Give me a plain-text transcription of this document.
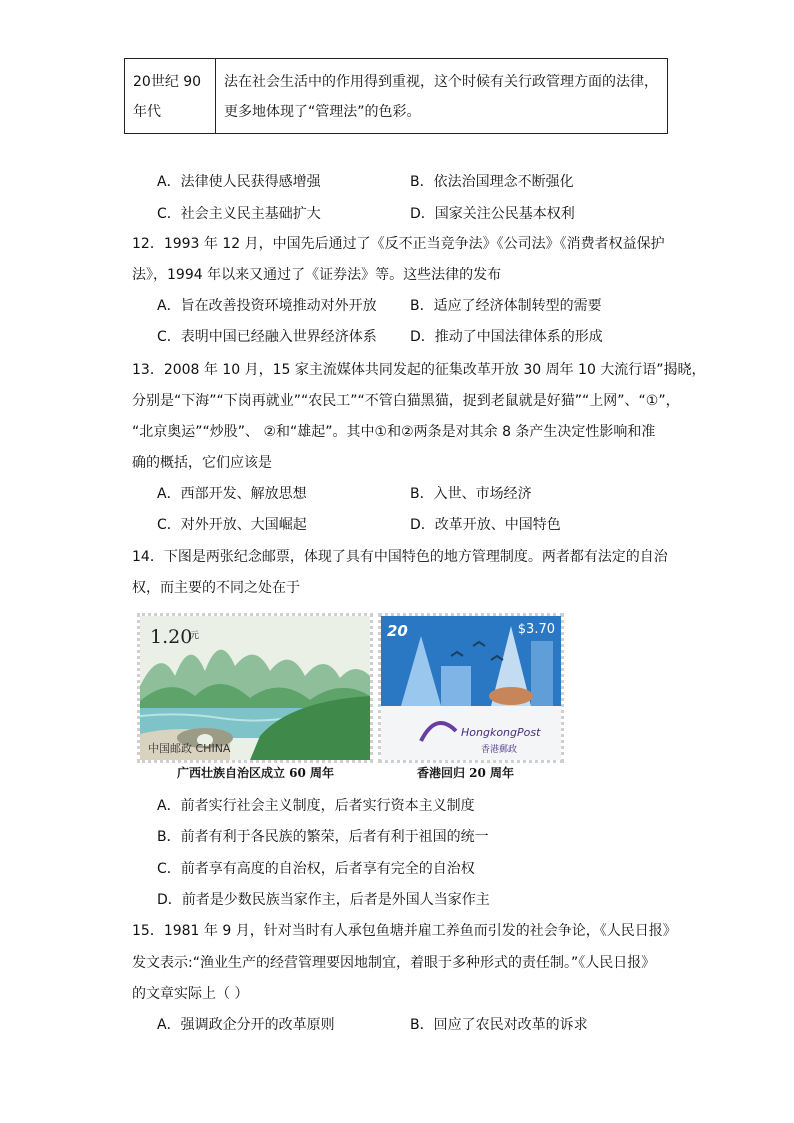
20世纪 90
年代
法在社会生活中的作用得到重视，这个时候有关行政管理方面的法律，
更多地体现了“管理法”的色彩。
A．法律使人民获得感增强	B．依法治国理念不断强化
C．社会主义民主基础扩大	D．国家关注公民基本权利
12．1993 年 12 月，中国先后通过了《反不正当竞争法》《公司法》《消费者权益保护
法》，1994 年以来又通过了《证券法》等。这些法律的发布
A．旨在改善投资环境推动对外开放 B．适应了经济体制转型的需要
C．表明中国已经融入世界经济体系 D．推动了中国法律体系的形成
13．2008 年 10 月，15 家主流媒体共同发起的征集改革开放 30 周年 10 大流行语”揭晓，
分别是“下海”“下岗再就业”“农民工”“不管白猫黑猫，捉到老鼠就是好猫”“上网”、“①”，
“北京奥运”“炒股”、 ②和“雄起”。其中①和②两条是对其余 8 条产生决定性影响和准
确的概括，它们应该是
A．西部开发、解放思想	B．入世、市场经济
C．对外开放、大国崛起	D．改革开放、中国特色
14．下图是两张纪念邮票，体现了具有中国特色的地方管理制度。两者都有法定的自治
权，而主要的不同之处在于
1.20
元
中国邮政 CHINA
20	$3.70
HongkongPost
香港郵政
广西壮族自治区成立 60 周年	香港回归 20 周年
A．前者实行社会主义制度，后者实行资本主义制度
B．前者有利于各民族的繁荣，后者有利于祖国的统一
C．前者享有高度的自治权，后者享有完全的自治权
D．前者是少数民族当家作主，后者是外国人当家作主
15．1981 年 9 月，针对当时有人承包鱼塘并雇工养鱼而引发的社会争论，《人民日报》
发文表示:“渔业生产的经营管理要因地制宜，着眼于多种形式的责任制。”《人民日报》
的文章实际上（ ）
A．强调政企分开的改革原则	B．回应了农民对改革的诉求
